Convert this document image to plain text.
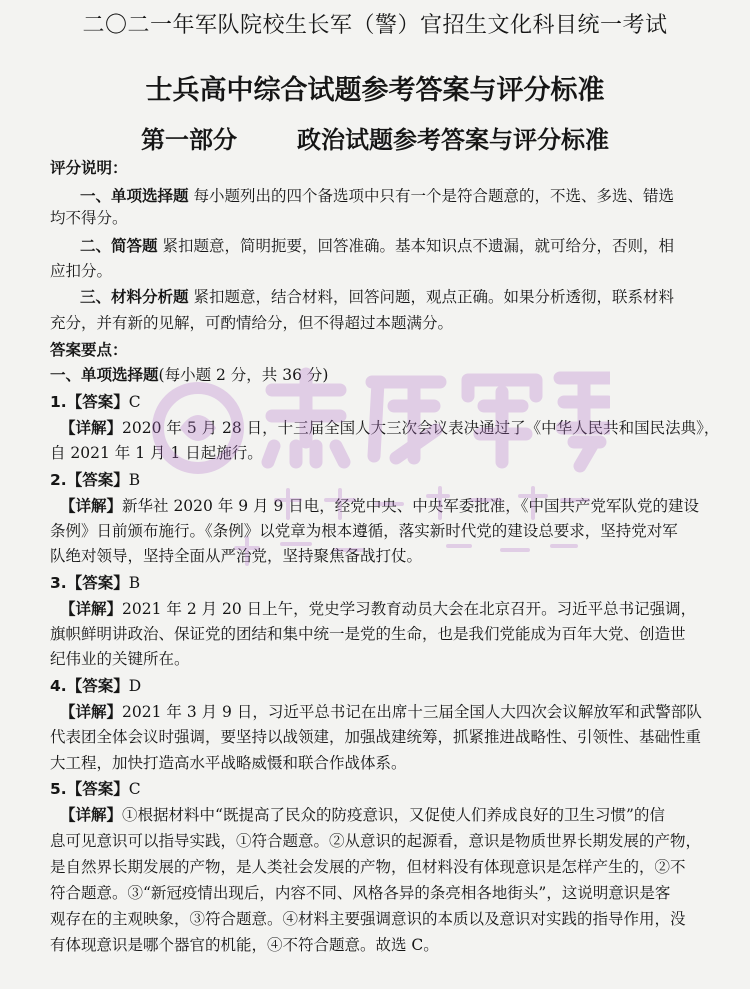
二〇二一年军队院校生长军（警）官招生文化科目统一考试
士兵高中综合试题参考答案与评分标准
第一部分	政治试题参考答案与评分标准
评分说明：
一、单项选择题 每小题列出的四个备选项中只有一个是符合题意的，不选、多选、错选
均不得分。
二、简答题 紧扣题意，简明扼要，回答准确。基本知识点不遗漏，就可给分，否则，相
应扣分。
三、材料分析题 紧扣题意，结合材料，回答问题，观点正确。如果分析透彻，联系材料
充分，并有新的见解，可酌情给分，但不得超过本题满分。
答案要点：
一、单项选择题(每小题 2 分，共 36 分)
1.【答案】C
【详解】2020 年 5 月 28 日，十三届全国人大三次会议表决通过了《中华人民共和国民法典》，
自 2021 年 1 月 1 日起施行。
2.【答案】B
【详解】新华社 2020 年 9 月 9 日电，经党中央、中央军委批准，《中国共产党军队党的建设
条例》日前颁布施行。《条例》以党章为根本遵循，落实新时代党的建设总要求，坚持党对军
队绝对领导，坚持全面从严治党，坚持聚焦备战打仗。
3.【答案】B
【详解】2021 年 2 月 20 日上午，党史学习教育动员大会在北京召开。习近平总书记强调，
旗帜鲜明讲政治、保证党的团结和集中统一是党的生命，也是我们党能成为百年大党、创造世
纪伟业的关键所在。
4.【答案】D
【详解】2021 年 3 月 9 日，习近平总书记在出席十三届全国人大四次会议解放军和武警部队
代表团全体会议时强调，要坚持以战领建，加强战建统筹，抓紧推进战略性、引领性、基础性重
大工程，加快打造高水平战略威慑和联合作战体系。
5.【答案】C
【详解】①根据材料中“既提高了民众的防疫意识，又促使人们养成良好的卫生习惯”的信
息可见意识可以指导实践，①符合题意。②从意识的起源看，意识是物质世界长期发展的产物，
是自然界长期发展的产物，是人类社会发展的产物，但材料没有体现意识是怎样产生的，②不
符合题意。③“新冠疫情出现后，内容不同、风格各异的条亮相各地街头”，这说明意识是客
观存在的主观映象，③符合题意。④材料主要强调意识的本质以及意识对实践的指导作用，没
有体现意识是哪个器官的机能，④不符合题意。故选 C。
